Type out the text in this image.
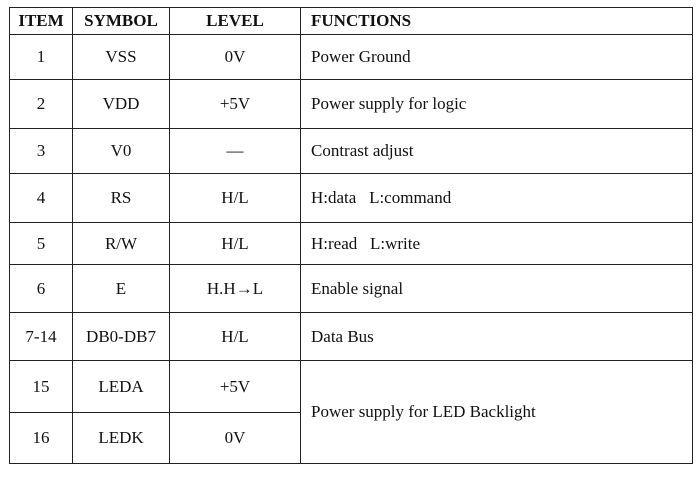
ITEM	SYMBOL	LEVEL	FUNCTIONS
1	VSS	0V	Power Ground
2	VDD	+5V	Power supply for logic
3	V0	—	Contrast adjust
4	RS	H/L	H:data   L:command
5	R/W	H/L	H:read   L:write
6	E	H.H→L	Enable signal
7-14	DB0-DB7	H/L	Data Bus
15	LEDA	+5V	Power supply for LED Backlight
16	LEDK	0V	
